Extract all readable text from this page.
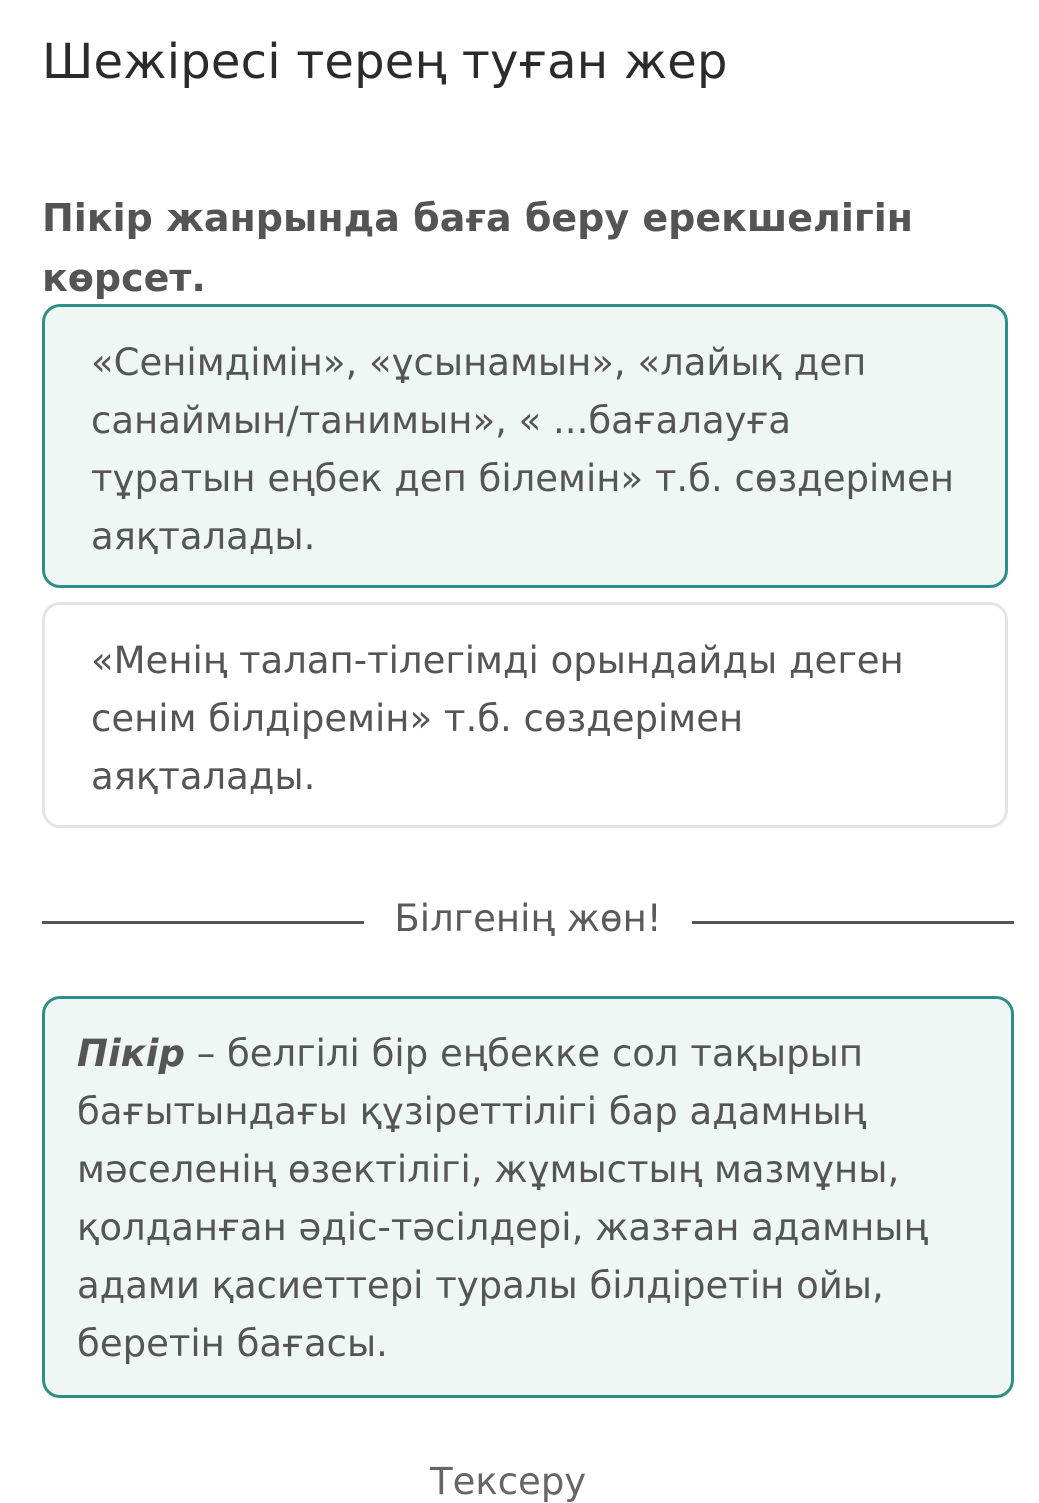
Шежіресі терең туған жер
Пікір жанрында баға беру ерекшелігін көрсет.
«Сенімдімін», «ұсынамын», «лайық деп санаймын/танимын», « ...бағалауға тұратын еңбек деп білемін» т.б. сөздерімен аяқталады.
«Менің талап-тілегімді орындайды деген сенім білдіремін» т.б. сөздерімен аяқталады.
Білгенің жөн!
Пікір – белгілі бір еңбекке сол тақырып бағытындағы құзіреттілігі бар адамның мәселенің өзектілігі, жұмыстың мазмұны, қолданған әдіс-тәсілдері, жазған адамның адами қасиеттері туралы білдіретін ойы, беретін бағасы.
Тексеру
